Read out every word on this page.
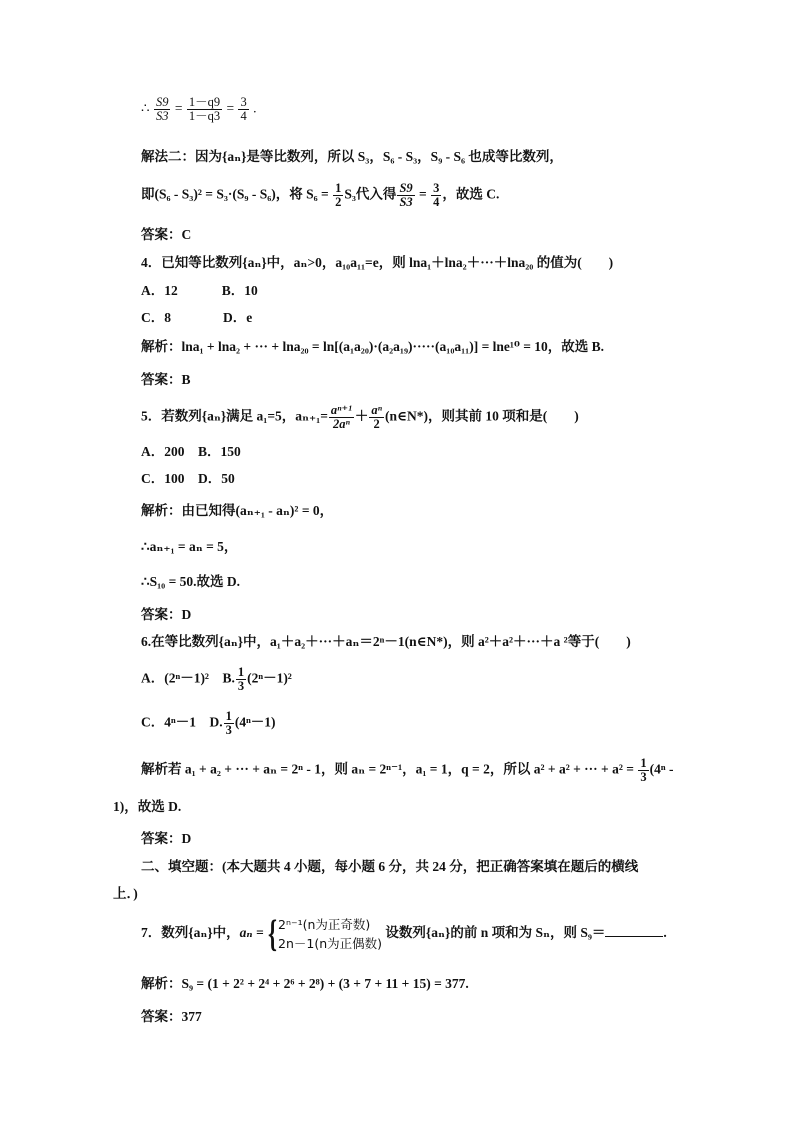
∴ $\frac{S9}{S3} = \frac{1-q9}{1-q3} = \frac{3}{4}$ .
解法二：因为{aₙ}是等比数列，所以 S₃，S₆ - S₃，S₉ - S₆ 也成等比数列，
即(S₆ - S₃)² = S₃·(S₉ - S₆)，将 $S_6 = \frac{1}{2} S_3$代入得 $\frac{S9}{S3} = \frac{3}{4}$ ，故选 C.
答案：C
4．已知等比数列{aₙ}中，aₙ>0，a₁₀a₁₁=e，则 lna₁＋lna₂＋···＋lna₂₀ 的值为(　　)
A．12	B．10
C．8	D．e
解析：lna₁ + lna₂ + ··· + lna₂₀ = ln[(a₁a₂₀)·(a₂a₁₉)·····(a₁₀a₁₁)] = lne¹⁰ = 10，故选 B.
答案：B
5．若数列{aₙ}满足 a₁=5，$a_{n+1}= \frac{\text{aⁿ⁺¹}}{\text{2aⁿ}} + \frac{\text{aⁿ}}{2}$ (n∈N*)，则其前 10 项和是(　　)
A．200　B．150
C．100　D．50
解析：由已知得(aₙ₊₁ - aₙ)² = 0，
∴aₙ₊₁ = aₙ = 5，
∴S₁₀ = 50.故选 D.
答案：D
6.在等比数列{aₙ}中，a₁＋a₂＋···＋aₙ＝2ⁿ－1(n∈N*)，则 a²＋a²＋···＋a ²等于(　　)
A．(2ⁿ－1)²　B. $\frac{1}{3} (2^n-1)^2$
C．4ⁿ－1　D. $\frac{1}{3} (4^n-1)$
解析若 a₁ + a₂ + ··· + aₙ = 2ⁿ - 1，则 aₙ = 2ⁿ⁻¹，a₁ = 1，q = 2，所以 a² + a² + ··· + $a^2 = \frac{1}{3} (4^n$ -
1)，故选 D.
答案：D
二、填空题：(本大题共 4 小题，每小题 6 分，共 24 分，把正确答案填在题后的横线
上．)
7．数列{aₙ}中，aₙ = { 2ⁿ⁻¹(n为正奇数)
2n－1(n为正偶数)
设数列{aₙ}的前 n 项和为 Sₙ，则 S₉＝	.
解析：S₉ = (1 + 2² + 2⁴ + 2⁶ + 2⁸) + (3 + 7 + 11 + 15) = 377.
答案：377
